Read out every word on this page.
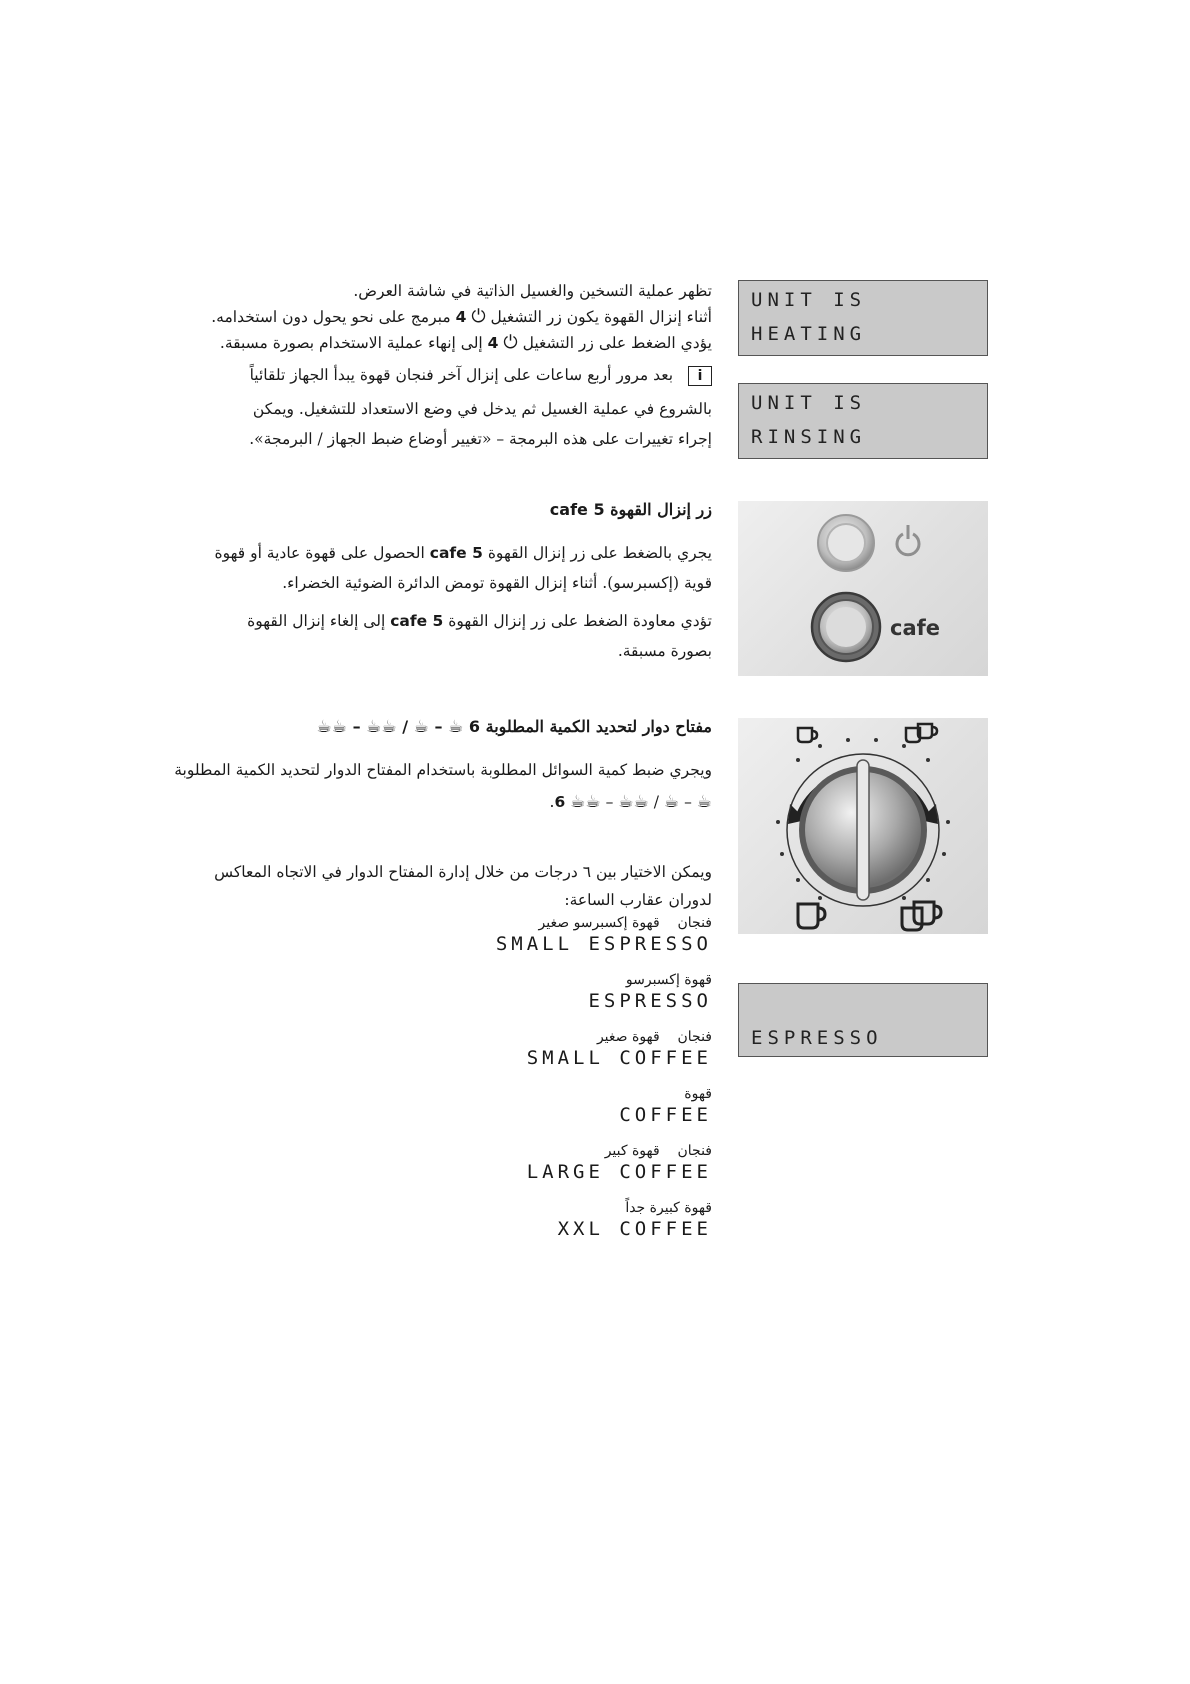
تظهر عملية التسخين والغسيل الذاتية في شاشة العرض.
أثناء إنزال القهوة يكون زر التشغيل ⏻ 4 مبرمج على نحو يحول دون استخدامه.
يؤدي الضغط على زر التشغيل ⏻ 4 إلى إنهاء عملية الاستخدام بصورة مسبقة.
i بعد مرور أربع ساعات على إنزال آخر فنجان قهوة يبدأ الجهاز تلقائياً
بالشروع في عملية الغسيل ثم يدخل في وضع الاستعداد للتشغيل. ويمكن
إجراء تغييرات على هذه البرمجة – «تغيير أوضاع ضبط الجهاز / البرمجة».
UNIT IS
HEATING
UNIT IS
RINSING
زر إنزال القهوة 5 cafe
يجري بالضغط على زر إنزال القهوة 5 cafe الحصول على قهوة عادية أو قهوة
قوية (إكسبرسو). أثناء إنزال القهوة تومض الدائرة الضوئية الخضراء.
تؤدي معاودة الضغط على زر إنزال القهوة 5 cafe إلى إلغاء إنزال القهوة
بصورة مسبقة.
cafe
مفتاح دوار لتحديد الكمية المطلوبة 6 ☕ – ☕ / ☕☕ – ☕☕
ويجري ضبط كمية السوائل المطلوبة باستخدام المفتاح الدوار لتحديد الكمية المطلوبة
☕ – ☕ / ☕☕ – ☕☕ 6.
ويمكن الاختيار بين ٦ درجات من خلال إدارة المفتاح الدوار في الاتجاه المعاكس
لدوران عقارب الساعة:
فنجان    قهوة إكسبرسو صغير
SMALL ESPRESSO
قهوة إكسبرسو
ESPRESSO
فنجان    قهوة صغير
SMALL COFFEE
قهوة
COFFEE
فنجان    قهوة كبير
LARGE COFFEE
قهوة كبيرة جداً
XXL COFFEE
ESPRESSO
